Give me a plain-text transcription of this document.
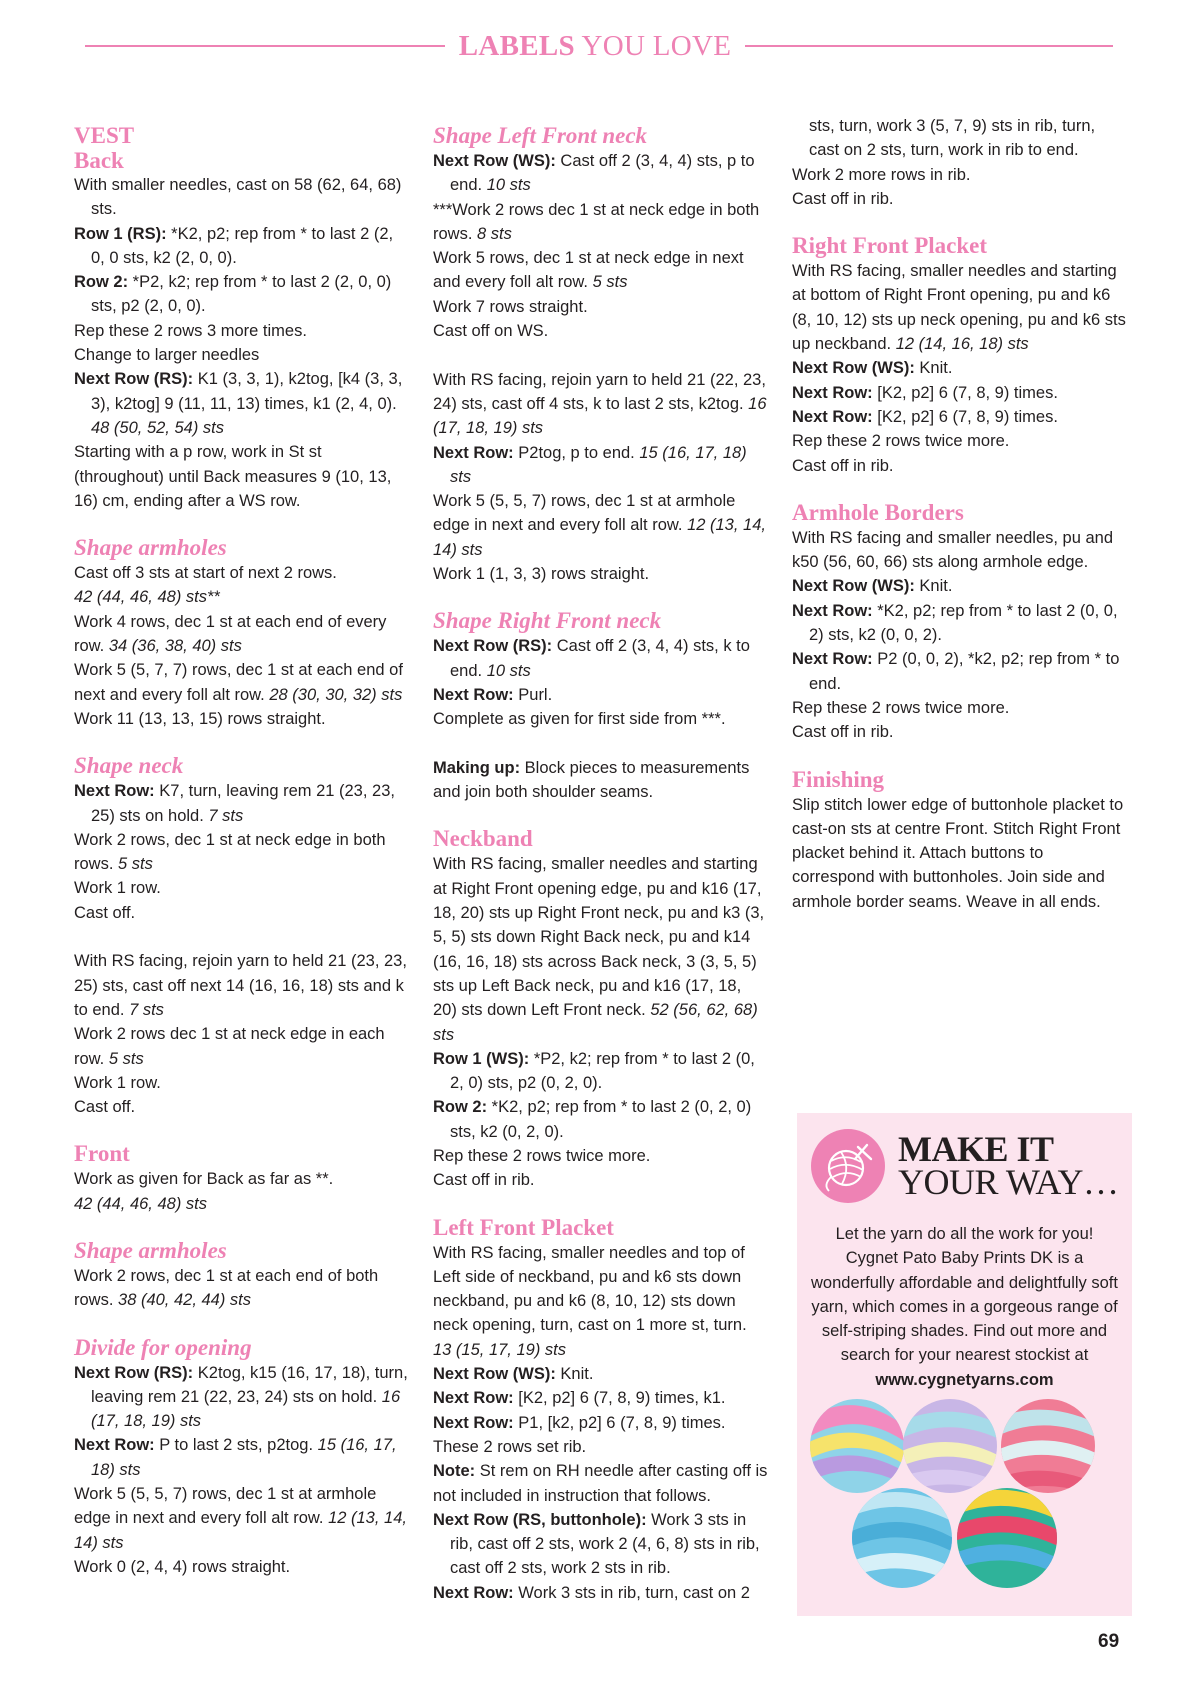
LABELS YOU LOVE
VEST
Back

With smaller needles, cast on 58 (62, 64, 68) sts.

Row 1 (RS): *K2, p2; rep from * to last 2 (2, 0, 0 sts, k2 (2, 0, 0).

Row 2: *P2, k2; rep from * to last 2 (2, 0, 0) sts, p2 (2, 0, 0).

Rep these 2 rows 3 more times.

Change to larger needles

Next Row (RS): K1 (3, 3, 1), k2tog, [k4 (3, 3, 3), k2tog] 9 (11, 11, 13) times, k1 (2, 4, 0). 48 (50, 52, 54) sts

Starting with a p row, work in St st (throughout) until Back measures 9 (10, 13, 16) cm, ending after a WS row.

Shape armholes

Cast off 3 sts at start of next 2 rows.
42 (44, 46, 48) sts**

Work 4 rows, dec 1 st at each end of every row. 34 (36, 38, 40) sts

Work 5 (5, 7, 7) rows, dec 1 st at each end of next and every foll alt row. 28 (30, 30, 32) sts

Work 11 (13, 13, 15) rows straight.

Shape neck

Next Row: K7, turn, leaving rem 21 (23, 23, 25) sts on hold. 7 sts

Work 2 rows, dec 1 st at neck edge in both rows. 5 sts

Work 1 row.

Cast off.

With RS facing, rejoin yarn to held 21 (23, 23, 25) sts, cast off next 14 (16, 16, 18) sts and k to end. 7 sts

Work 2 rows dec 1 st at neck edge in each row. 5 sts

Work 1 row.

Cast off.

Front

Work as given for Back as far as **.
42 (44, 46, 48) sts

Shape armholes

Work 2 rows, dec 1 st at each end of both rows. 38 (40, 42, 44) sts

Divide for opening

Next Row (RS): K2tog, k15 (16, 17, 18), turn, leaving rem 21 (22, 23, 24) sts on hold. 16 (17, 18, 19) sts

Next Row: P to last 2 sts, p2tog. 15 (16, 17, 18) sts

Work 5 (5, 5, 7) rows, dec 1 st at armhole edge in next and every foll alt row. 12 (13, 14, 14) sts

Work 0 (2, 4, 4) rows straight.

Shape Left Front neck

Next Row (WS): Cast off 2 (3, 4, 4) sts, p to end. 10 sts

***Work 2 rows dec 1 st at neck edge in both rows. 8 sts

Work 5 rows, dec 1 st at neck edge in next and every foll alt row. 5 sts

Work 7 rows straight.

Cast off on WS.

With RS facing, rejoin yarn to held 21 (22, 23, 24) sts, cast off 4 sts, k to last 2 sts, k2tog. 16 (17, 18, 19) sts

Next Row: P2tog, p to end. 15 (16, 17, 18) sts

Work 5 (5, 5, 7) rows, dec 1 st at armhole edge in next and every foll alt row. 12 (13, 14, 14) sts

Work 1 (1, 3, 3) rows straight.

Shape Right Front neck

Next Row (RS): Cast off 2 (3, 4, 4) sts, k to end. 10 sts

Next Row: Purl.

Complete as given for first side from ***.

Making up: Block pieces to measurements and join both shoulder seams.

Neckband

With RS facing, smaller needles and starting at Right Front opening edge, pu and k16 (17, 18, 20) sts up Right Front neck, pu and k3 (3, 5, 5) sts down Right Back neck, pu and k14 (16, 16, 18) sts across Back neck, 3 (3, 5, 5) sts up Left Back neck, pu and k16 (17, 18, 20) sts down Left Front neck. 52 (56, 62, 68) sts

Row 1 (WS): *P2, k2; rep from * to last 2 (0, 2, 0) sts, p2 (0, 2, 0).

Row 2: *K2, p2; rep from * to last 2 (0, 2, 0) sts, k2 (0, 2, 0).

Rep these 2 rows twice more.

Cast off in rib.

Left Front Placket

With RS facing, smaller needles and top of Left side of neckband, pu and k6 sts down neckband, pu and k6 (8, 10, 12) sts down neck opening, turn, cast on 1 more st, turn.
13 (15, 17, 19) sts

Next Row (WS): Knit.

Next Row: [K2, p2] 6 (7, 8, 9) times, k1.

Next Row: P1, [k2, p2] 6 (7, 8, 9) times.

These 2 rows set rib.

Note: St rem on RH needle after casting off is not included in instruction that follows.

Next Row (RS, buttonhole): Work 3 sts in rib, cast off 2 sts, work 2 (4, 6, 8) sts in rib, cast off 2 sts, work 2 sts in rib.

Next Row: Work 3 sts in rib, turn, cast on 2

sts, turn, work 3 (5, 7, 9) sts in rib, turn, cast on 2 sts, turn, work in rib to end.

Work 2 more rows in rib.

Cast off in rib.

Right Front Placket

With RS facing, smaller needles and starting at bottom of Right Front opening, pu and k6 (8, 10, 12) sts up neck opening, pu and k6 sts up neckband. 12 (14, 16, 18) sts

Next Row (WS): Knit.

Next Row: [K2, p2] 6 (7, 8, 9) times.

Next Row: [K2, p2] 6 (7, 8, 9) times.

Rep these 2 rows twice more.

Cast off in rib.

Armhole Borders

With RS facing and smaller needles, pu and k50 (56, 60, 66) sts along armhole edge.

Next Row (WS): Knit.

Next Row: *K2, p2; rep from * to last 2 (0, 0, 2) sts, k2 (0, 0, 2).

Next Row: P2 (0, 0, 2), *k2, p2; rep from * to end.

Rep these 2 rows twice more.

Cast off in rib.

Finishing

Slip stitch lower edge of buttonhole placket to cast-on sts at centre Front. Stitch Right Front placket behind it. Attach buttons to correspond with buttonholes. Join side and armhole border seams. Weave in all ends.

MAKE IT
YOUR WAY…
Let the yarn do all the work for you! Cygnet Pato Baby Prints DK is a wonderfully affordable and delightfully soft yarn, which comes in a gorgeous range of self-striping shades. Find out more and search for your nearest stockist at www.cygnetyarns.com
69
